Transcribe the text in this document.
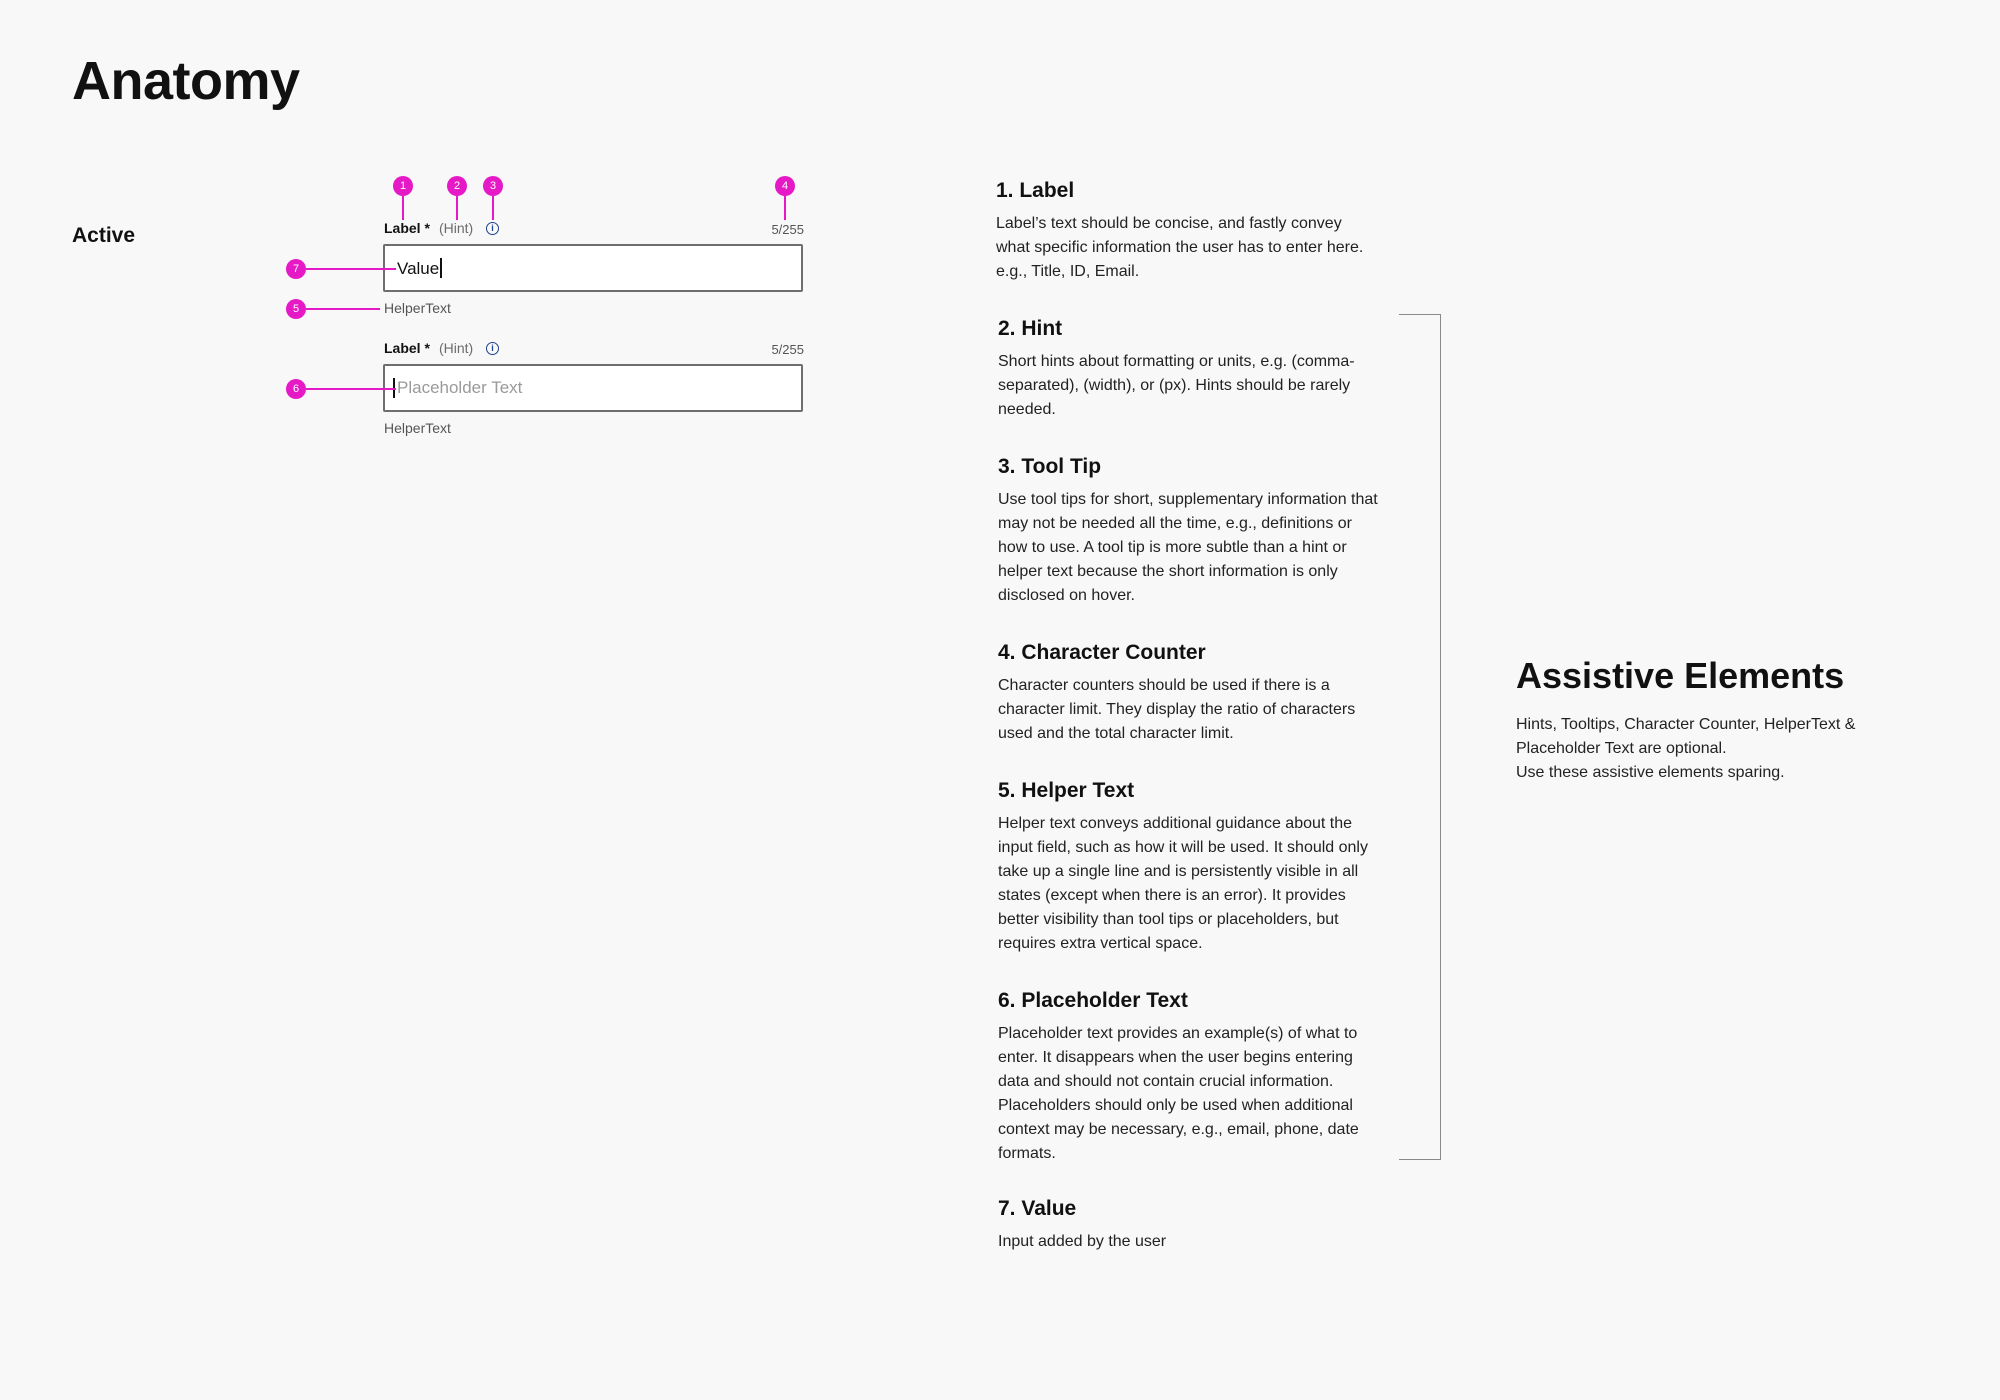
Anatomy
Active
1	2	3	4
Label * (Hint) i	5/255
Value
7
HelperText
5
Label * (Hint) i	5/255
Placeholder Text
6
HelperText
1. Label

Label’s text should be concise, and fastly convey what specific information the user has to enter here. e.g., Title, ID, Email.

2. Hint

Short hints about formatting or units, e.g. (comma-separated), (width), or (px). Hints should be rarely needed.

3. Tool Tip

Use tool tips for short, supplementary information that may not be needed all the time, e.g., definitions or how to use. A tool tip is more subtle than a hint or helper text because the short information is only disclosed on hover.

4. Character Counter

Character counters should be used if there is a character limit. They display the ratio of characters used and the total character limit.

5. Helper Text

Helper text conveys additional guidance about the input field, such as how it will be used. It should only take up a single line and is persistently visible in all states (except when there is an error). It provides better visibility than tool tips or placeholders, but requires extra vertical space.

6. Placeholder Text

Placeholder text provides an example(s) of what to enter. It disappears when the user begins entering data and should not contain crucial information. Placeholders should only be used when additional context may be necessary, e.g., email, phone, date formats.

7. Value

Input added by the user

Assistive Elements
Hints, Tooltips, Character Counter, HelperText & Placeholder Text are optional.
Use these assistive elements sparing.
